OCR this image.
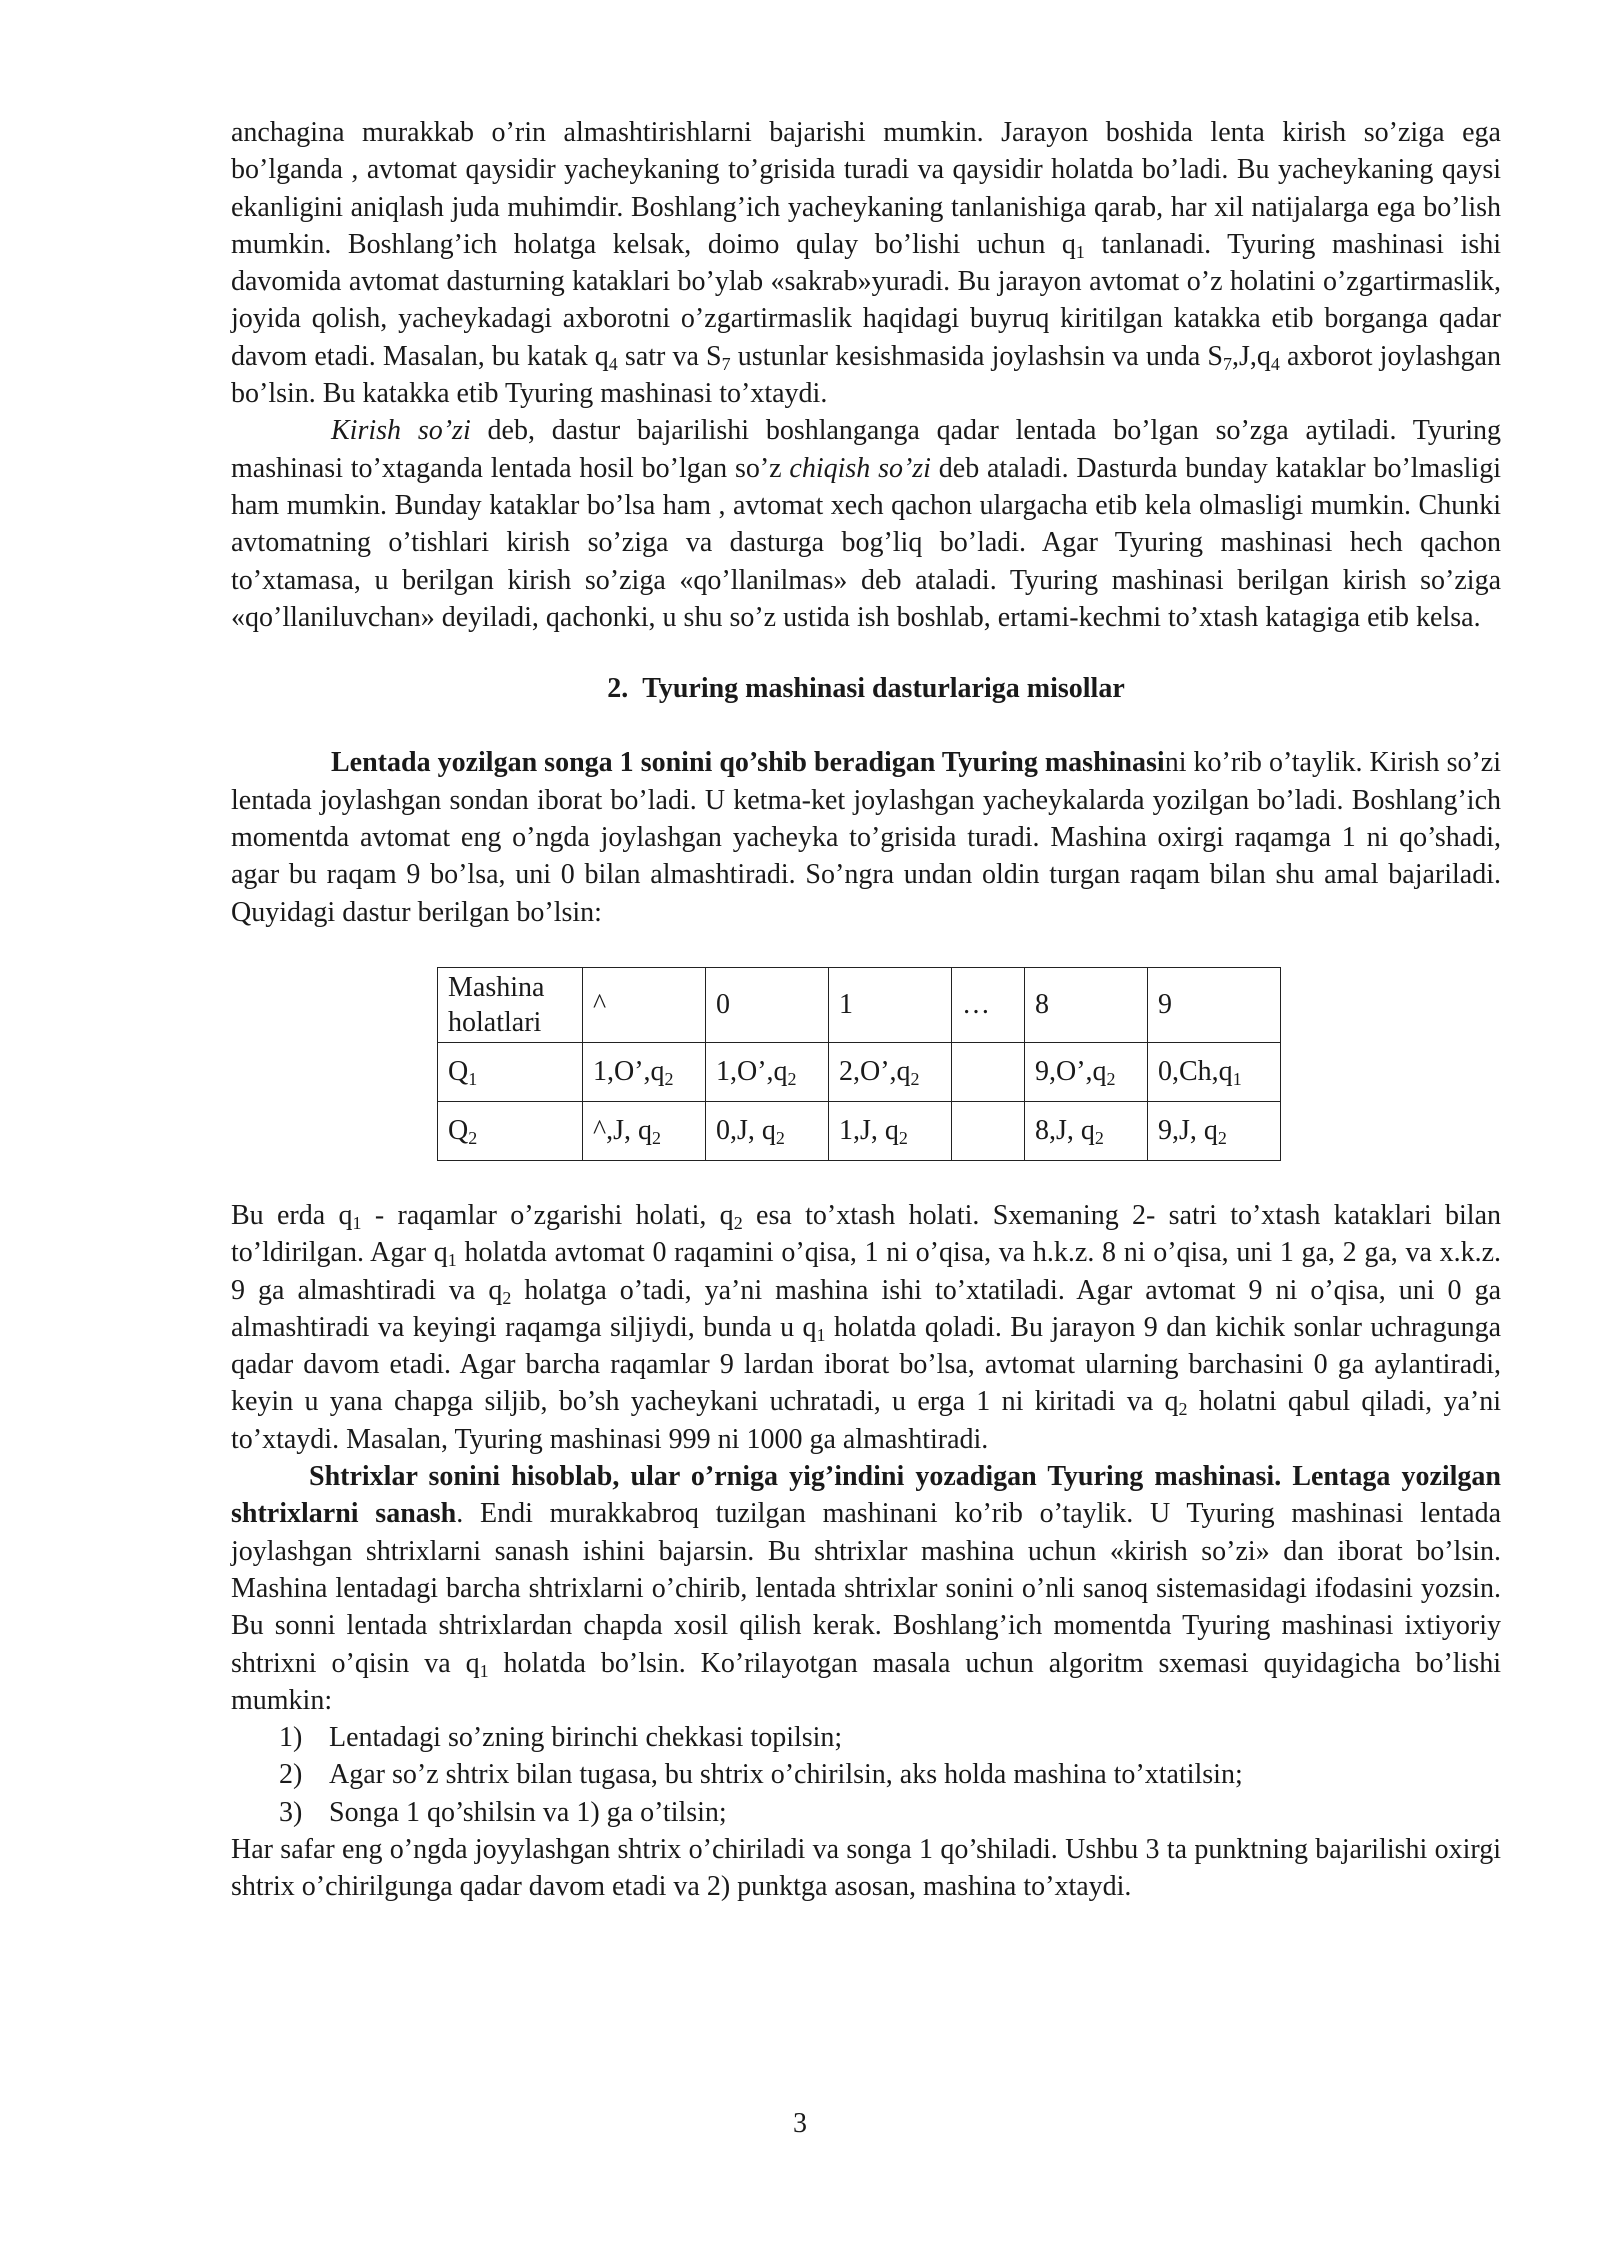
anchagina murakkab o’rin almashtirishlarni bajarishi mumkin. Jarayon boshida lenta kirish so’ziga ega bo’lganda , avtomat qaysidir yacheykaning to’grisida turadi va qaysidir holatda bo’ladi. Bu yacheykaning qaysi ekanligini aniqlash juda muhimdir. Boshlang’ich yacheykaning tanlanishiga qarab, har xil natijalarga ega bo’lish mumkin. Boshlang’ich holatga kelsak, doimo qulay bo’lishi uchun $q_1$ tanlanadi. Tyuring mashinasi ishi davomida avtomat dasturning kataklari bo’ylab «sakrab»yuradi. Bu jarayon avtomat o’z holatini o’zgartirmaslik, joyida qolish, yacheykadagi axborotni o’zgartirmaslik haqidagi buyruq kiritilgan katakka etib borganga qadar davom etadi. Masalan, bu katak $q_4$ satr va $S_7$ ustunlar kesishmasida joylashsin va unda $S_7,J,q_4$ axborot joylashgan bo’lsin. Bu katakka etib Tyuring mashinasi to’xtaydi.

Kirish so’zi deb, dastur bajarilishi boshlanganga qadar lentada bo’lgan so’zga aytiladi. Tyuring mashinasi to’xtaganda lentada hosil bo’lgan so’z chiqish so’zi deb ataladi. Dasturda bunday kataklar bo’lmasligi ham mumkin. Bunday kataklar bo’lsa ham , avtomat xech qachon ulargacha etib kela olmasligi mumkin. Chunki avtomatning o’tishlari kirish so’ziga va dasturga bog’liq bo’ladi. Agar Tyuring mashinasi hech qachon to’xtamasa, u berilgan kirish so’ziga «qo’llanilmas» deb ataladi. Tyuring mashinasi berilgan kirish so’ziga «qo’llaniluvchan» deyiladi, qachonki, u shu so’z ustida ish boshlab, ertami-kechmi to’xtash katagiga etib kelsa.

2. Tyuring mashinasi dasturlariga misollar

Lentada yozilgan songa 1 sonini qo’shib beradigan Tyuring mashinasini ko’rib o’taylik. Kirish so’zi lentada joylashgan sondan iborat bo’ladi. U ketma-ket joylashgan yacheykalarda yozilgan bo’ladi. Boshlang’ich momentda avtomat eng o’ngda joylashgan yacheyka to’grisida turadi. Mashina oxirgi raqamga 1 ni qo’shadi, agar bu raqam 9 bo’lsa, uni 0 bilan almashtiradi. So’ngra undan oldin turgan raqam bilan shu amal bajariladi. Quyidagi dastur berilgan bo’lsin:

Mashina holatlari	^	0	1	…	8	9
$Q_1$	$1,O’,q_2$	$1,O’,q_2$	$2,O’,q_2$		$9,O’,q_2$	$0,Ch,q_1$
$Q_2$	^,J, $q_2$	0,J, $q_2$	1,J, $q_2$		8,J, $q_2$	9,J, $q_2$

Bu erda $q_1$ - raqamlar o’zgarishi holati, $q_2$ esa to’xtash holati. Sxemaning 2- satri to’xtash kataklari bilan to’ldirilgan. Agar $q_1$ holatda avtomat 0 raqamini o’qisa, 1 ni o’qisa, va h.k.z. 8 ni o’qisa, uni 1 ga, 2 ga, va x.k.z. 9 ga almashtiradi va $q_2$ holatga o’tadi, ya’ni mashina ishi to’xtatiladi. Agar avtomat 9 ni o’qisa, uni 0 ga almashtiradi va keyingi raqamga siljiydi, bunda u $q_1$ holatda qoladi. Bu jarayon 9 dan kichik sonlar uchragunga qadar davom etadi. Agar barcha raqamlar 9 lardan iborat bo’lsa, avtomat ularning barchasini 0 ga aylantiradi, keyin u yana chapga siljib, bo’sh yacheykani uchratadi, u erga 1 ni kiritadi va $q_2$ holatni qabul qiladi, ya’ni to’xtaydi. Masalan, Tyuring mashinasi 999 ni 1000 ga almashtiradi.

Shtrixlar sonini hisoblab, ular o’rniga yig’indini yozadigan Tyuring mashinasi. Lentaga yozilgan shtrixlarni sanash. Endi murakkabroq tuzilgan mashinani ko’rib o’taylik. U Tyuring mashinasi lentada joylashgan shtrixlarni sanash ishini bajarsin. Bu shtrixlar mashina uchun «kirish so’zi» dan iborat bo’lsin. Mashina lentadagi barcha shtrixlarni o’chirib, lentada shtrixlar sonini o’nli sanoq sistemasidagi ifodasini yozsin. Bu sonni lentada shtrixlardan chapda xosil qilish kerak. Boshlang’ich momentda Tyuring mashinasi ixtiyoriy shtrixni o’qisin va $q_1$ holatda bo’lsin. Ko’rilayotgan masala uchun algoritm sxemasi quyidagicha bo’lishi mumkin:

1) Lentadagi so’zning birinchi chekkasi topilsin;
2) Agar so’z shtrix bilan tugasa, bu shtrix o’chirilsin, aks holda mashina to’xtatilsin;
3) Songa 1 qo’shilsin va 1) ga o’tilsin;

Har safar eng o’ngda joyylashgan shtrix o’chiriladi va songa 1 qo’shiladi. Ushbu 3 ta punktning bajarilishi oxirgi shtrix o’chirilgunga qadar davom etadi va 2) punktga asosan, mashina to’xtaydi.

3
